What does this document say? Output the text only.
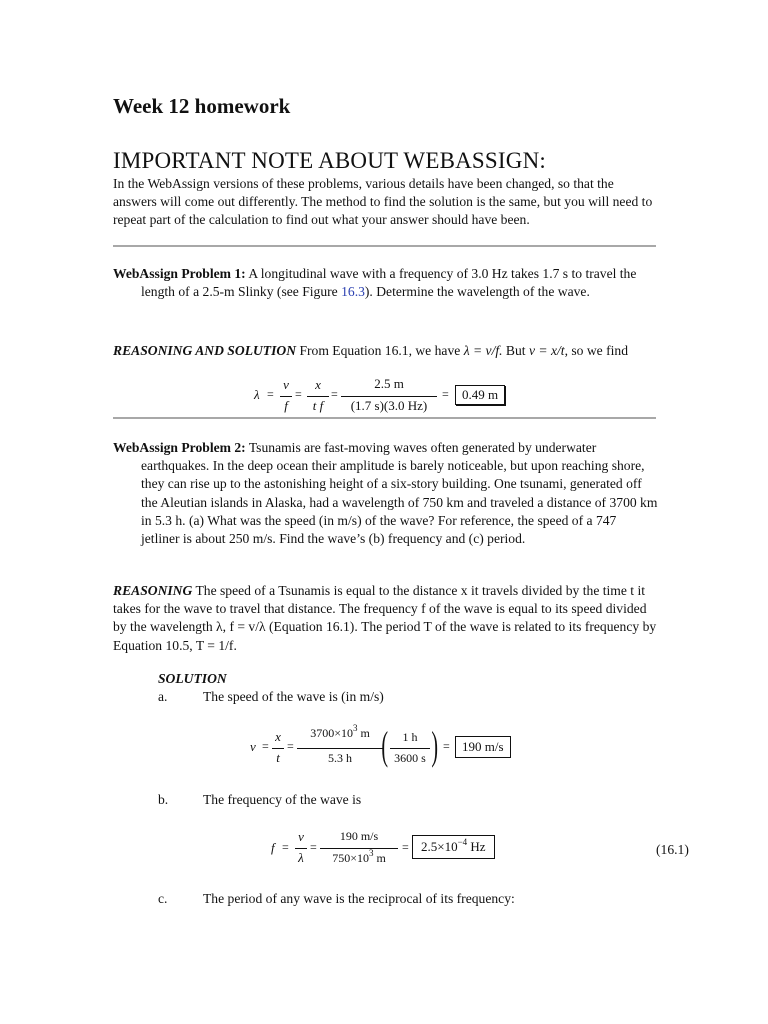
Week 12 homework
IMPORTANT NOTE ABOUT WEBASSIGN:
In the WebAssign versions of these problems, various details have been changed, so that the answers will come out differently. The method to find the solution is the same, but you will need to repeat part of the calculation to find out what your answer should have been.
WebAssign Problem 1: A longitudinal wave with a frequency of 3.0 Hz takes 1.7 s to travel the length of a 2.5-m Slinky (see Figure 16.3). Determine the wavelength of the wave.
REASONING AND SOLUTION From Equation 16.1, we have λ = v/f. But v = x/t, so we find
λ =
v
f
=
x
t f
=
2.5 m
(1.7 s)(3.0 Hz)
=	0.49 m
WebAssign Problem 2: Tsunamis are fast-moving waves often generated by underwater earthquakes. In the deep ocean their amplitude is barely noticeable, but upon reaching shore, they can rise up to the astonishing height of a six-story building. One tsunami, generated off the Aleutian islands in Alaska, had a wavelength of 750 km and traveled a distance of 3700 km in 5.3 h. (a) What was the speed (in m/s) of the wave? For reference, the speed of a 747 jetliner is about 250 m/s. Find the wave’s (b) frequency and (c) period.
REASONING The speed of a Tsunamis is equal to the distance x it travels divided by the time t it takes for the wave to travel that distance. The frequency f of the wave is equal to its speed divided by the wavelength λ, f = v/λ (Equation 16.1). The period T of the wave is related to its frequency by Equation 10.5, T = 1/f.
SOLUTION
a.	The speed of the wave is (in m/s)
v =
x
t
=
$3700\times 10^3$ m
5.3 h (	1 h
3600 s ) = 190 m/s
b.	The frequency of the wave is
f =
v
λ
=
190 m/s
$750\times 10^3$ m
= $2.5\times 10^{-4}$ Hz	(16.1)
c.	The period of any wave is the reciprocal of its frequency:
